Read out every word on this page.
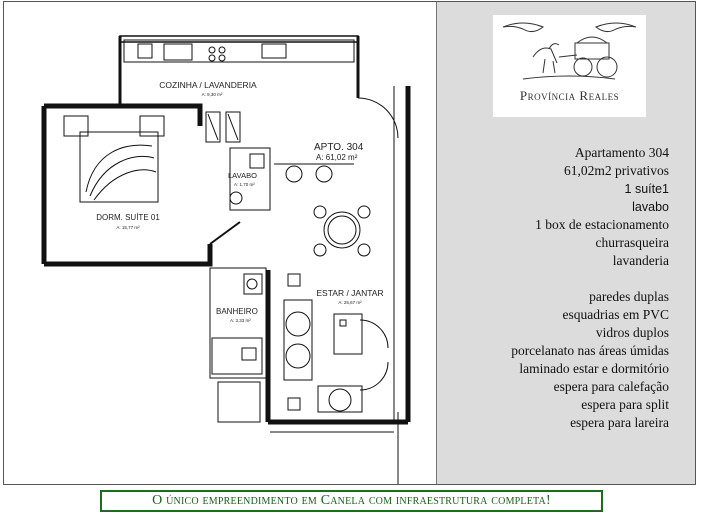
COZINHA / LAVANDERIA
A: 9,30 m²
APTO. 304
A: 61,02 m²
LAVABO
A: 1,70 m²
DORM. SUÍTE 01
A: 15,77 m²
ESTAR / JANTAR
A: 25,67 m²
BANHEIRO
A: 3,33 m²
Província Reales
Apartamento 304
61,02m2 privativos
1 suíte1
lavabo
1 box de estacionamento
churrasqueira
lavanderia
paredes duplas
esquadrias em PVC
vidros duplos
porcelanato nas áreas úmidas
laminado estar e dormitório
espera para calefação
espera para split
espera para lareira
O único empreendimento em Canela com infraestrutura completa!
